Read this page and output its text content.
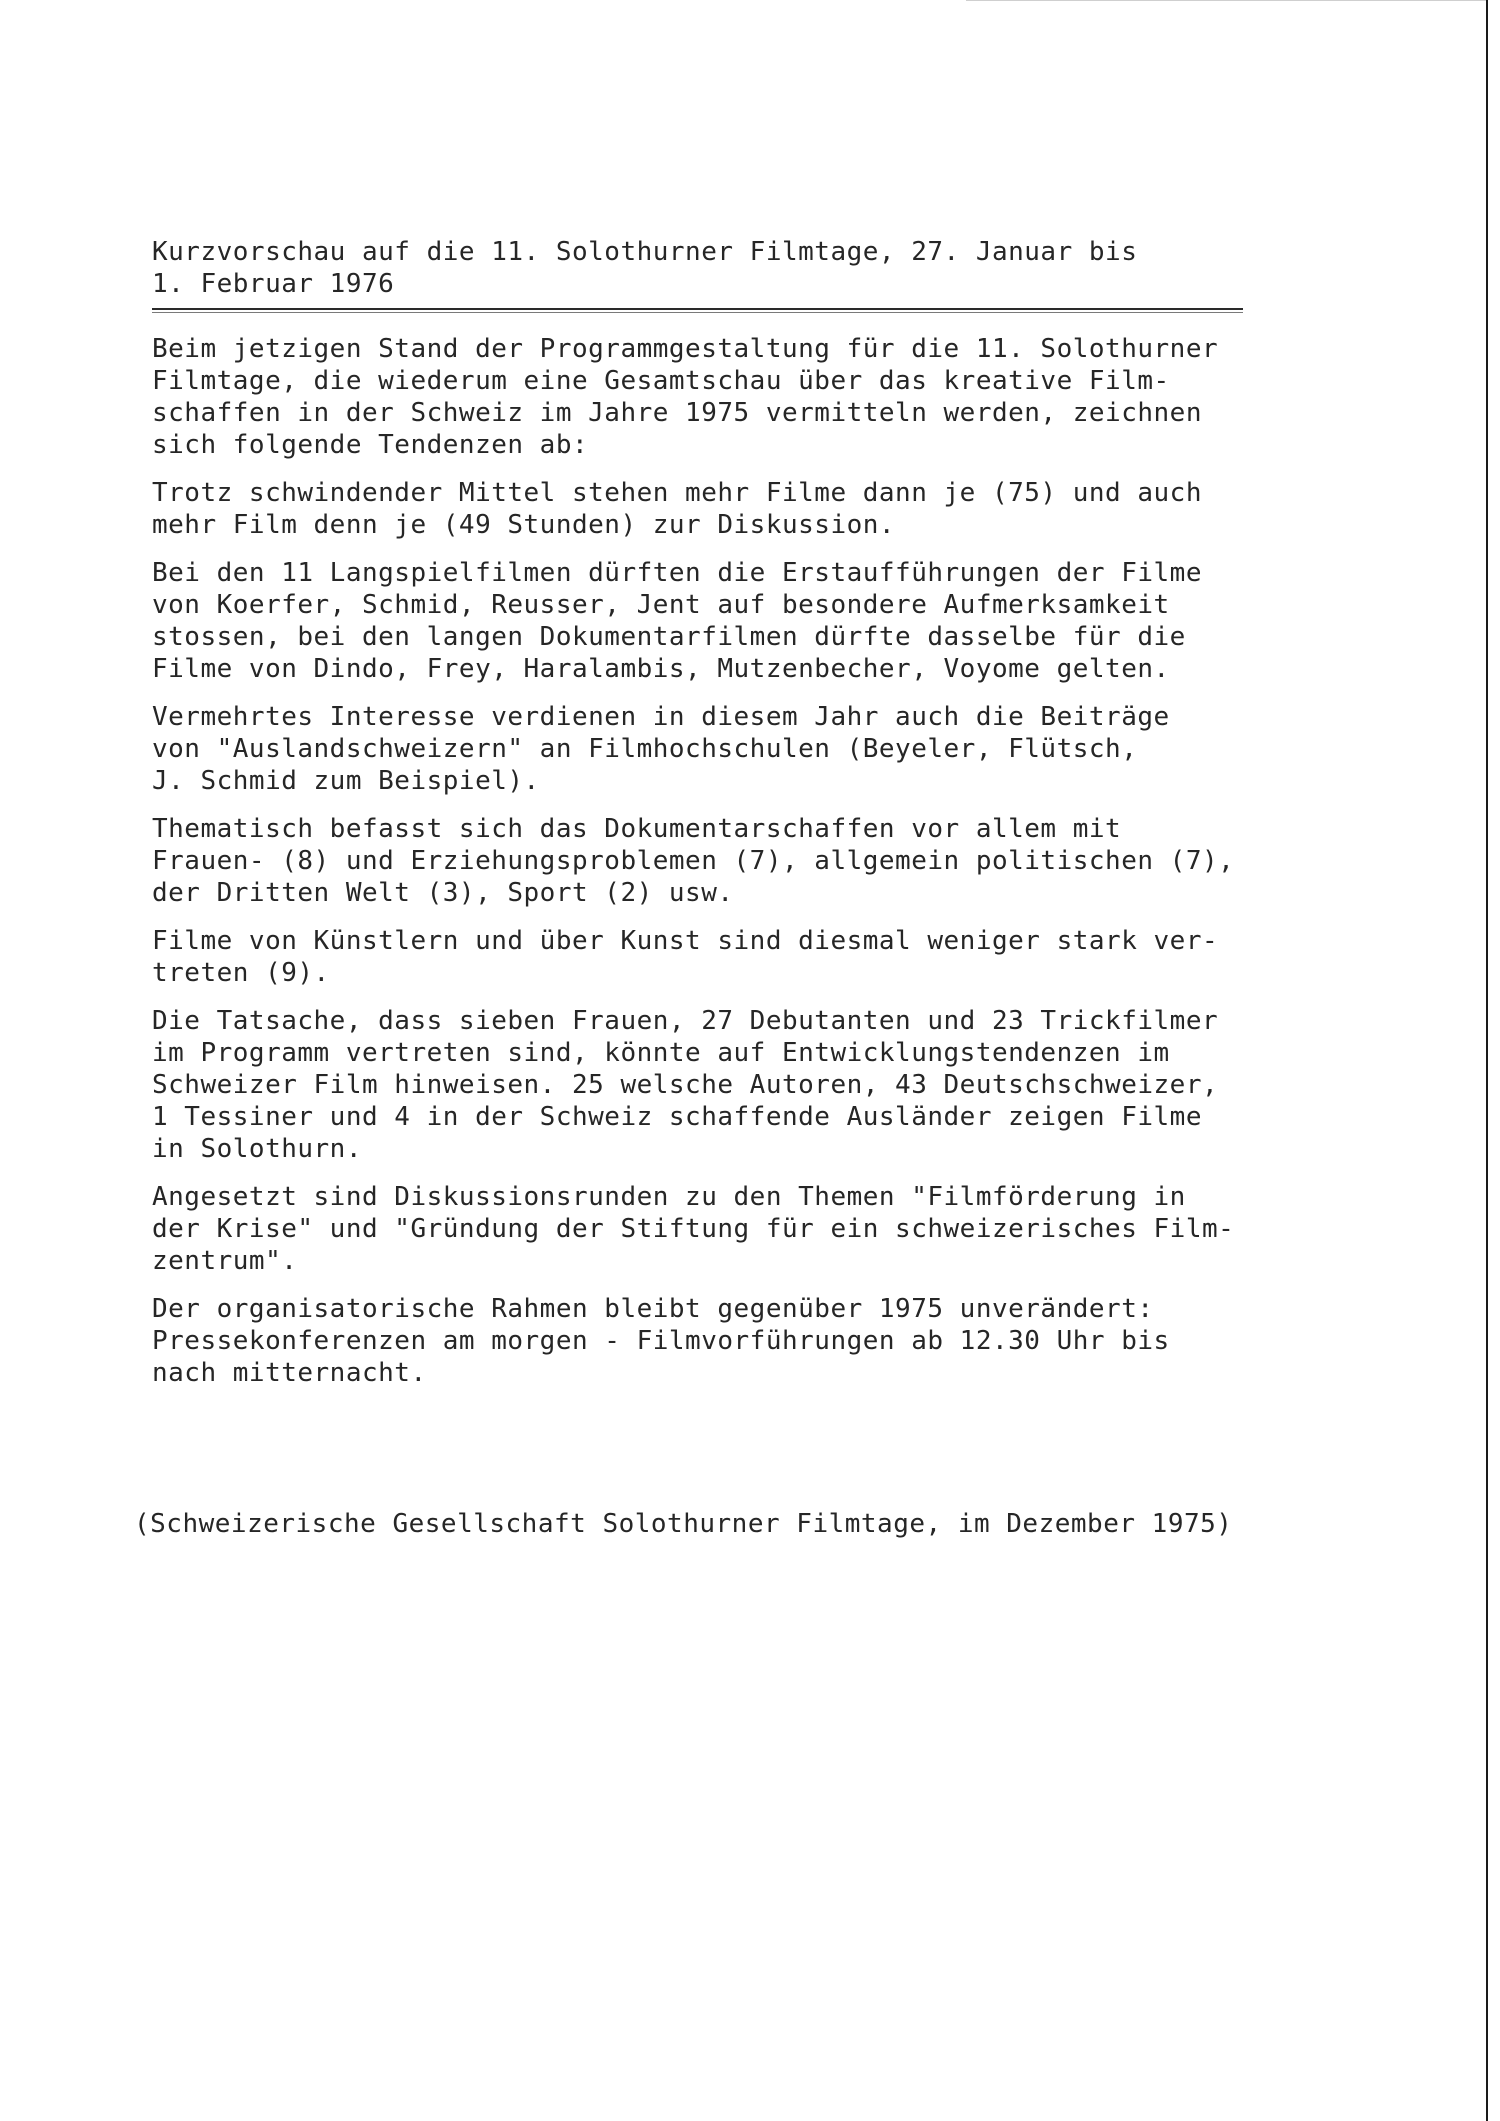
Kurzvorschau auf die 11. Solothurner Filmtage, 27. Januar bis
1. Februar 1976

Beim jetzigen Stand der Programmgestaltung für die 11. Solothurner
Filmtage, die wiederum eine Gesamtschau über das kreative Film-
schaffen in der Schweiz im Jahre 1975 vermitteln werden, zeichnen
sich folgende Tendenzen ab:

Trotz schwindender Mittel stehen mehr Filme dann je (75) und auch
mehr Film denn je (49 Stunden) zur Diskussion.

Bei den 11 Langspielfilmen dürften die Erstaufführungen der Filme
von Koerfer, Schmid, Reusser, Jent auf besondere Aufmerksamkeit
stossen, bei den langen Dokumentarfilmen dürfte dasselbe für die
Filme von Dindo, Frey, Haralambis, Mutzenbecher, Voyome gelten.

Vermehrtes Interesse verdienen in diesem Jahr auch die Beiträge
von "Auslandschweizern" an Filmhochschulen (Beyeler, Flütsch,
J. Schmid zum Beispiel).

Thematisch befasst sich das Dokumentarschaffen vor allem mit
Frauen- (8) und Erziehungsproblemen (7), allgemein politischen (7),
der Dritten Welt (3), Sport (2) usw.

Filme von Künstlern und über Kunst sind diesmal weniger stark ver-
treten (9).

Die Tatsache, dass sieben Frauen, 27 Debutanten und 23 Trickfilmer
im Programm vertreten sind, könnte auf Entwicklungstendenzen im
Schweizer Film hinweisen. 25 welsche Autoren, 43 Deutschschweizer,
1 Tessiner und 4 in der Schweiz schaffende Ausländer zeigen Filme
in Solothurn.

Angesetzt sind Diskussionsrunden zu den Themen "Filmförderung in
der Krise" und "Gründung der Stiftung für ein schweizerisches Film-
zentrum".

Der organisatorische Rahmen bleibt gegenüber 1975 unverändert:
Pressekonferenzen am morgen - Filmvorführungen ab 12.30 Uhr bis
nach mitternacht.

(Schweizerische Gesellschaft Solothurner Filmtage, im Dezember 1975)
